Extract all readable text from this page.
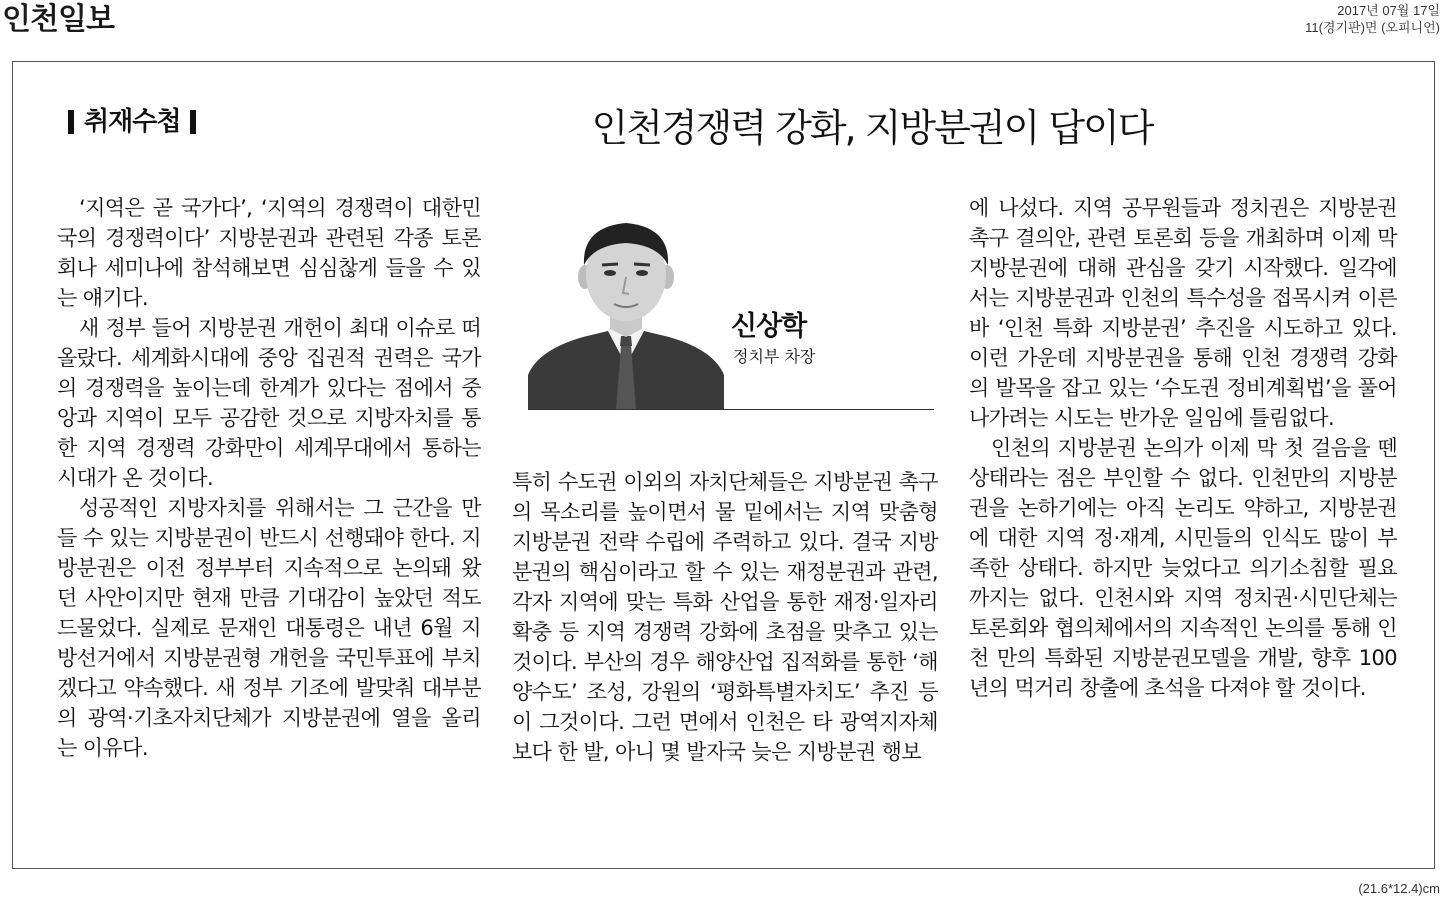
인천일보	2017년 07월 17일
11(경기판)면 (오피니언)
취재수첩	인천경쟁력 강화, 지방분권이 답이다

‘지역은 곧 국가다’, ‘지역의 경쟁력이 대한민국의 경쟁력이다’ 지방분권과 관련된 각종 토론회나 세미나에 참석해보면 심심찮게 들을 수 있는 얘기다.

새 정부 들어 지방분권 개헌이 최대 이슈로 떠올랐다. 세계화시대에 중앙 집권적 권력은 국가의 경쟁력을 높이는데 한계가 있다는 점에서 중앙과 지역이 모두 공감한 것으로 지방자치를 통한 지역 경쟁력 강화만이 세계무대에서 통하는 시대가 온 것이다.

성공적인 지방자치를 위해서는 그 근간을 만들 수 있는 지방분권이 반드시 선행돼야 한다. 지방분권은 이전 정부부터 지속적으로 논의돼 왔던 사안이지만 현재 만큼 기대감이 높았던 적도 드물었다. 실제로 문재인 대통령은 내년 6월 지방선거에서 지방분권형 개헌을 국민투표에 부치겠다고 약속했다. 새 정부 기조에 발맞춰 대부분의 광역·기초자치단체가 지방분권에 열을 올리는 이유다.

신상학
정치부 차장

특히 수도권 이외의 자치단체들은 지방분권 촉구의 목소리를 높이면서 물 밑에서는 지역 맞춤형 지방분권 전략 수립에 주력하고 있다. 결국 지방분권의 핵심이라고 할 수 있는 재정분권과 관련, 각자 지역에 맞는 특화 산업을 통한 재정·일자리 확충 등 지역 경쟁력 강화에 초점을 맞추고 있는 것이다. 부산의 경우 해양산업 집적화를 통한 ‘해양수도’ 조성, 강원의 ‘평화특별자치도’ 추진 등이 그것이다. 그런 면에서 인천은 타 광역지자체보다 한 발, 아니 몇 발자국 늦은 지방분권 행보

에 나섰다. 지역 공무원들과 정치권은 지방분권 촉구 결의안, 관련 토론회 등을 개최하며 이제 막 지방분권에 대해 관심을 갖기 시작했다. 일각에서는 지방분권과 인천의 특수성을 접목시켜 이른바 ‘인천 특화 지방분권’ 추진을 시도하고 있다. 이런 가운데 지방분권을 통해 인천 경쟁력 강화의 발목을 잡고 있는 ‘수도권 정비계획법’을 풀어나가려는 시도는 반가운 일임에 틀림없다.

인천의 지방분권 논의가 이제 막 첫 걸음을 뗀 상태라는 점은 부인할 수 없다. 인천만의 지방분권을 논하기에는 아직 논리도 약하고, 지방분권에 대한 지역 정·재계, 시민들의 인식도 많이 부족한 상태다. 하지만 늦었다고 의기소침할 필요까지는 없다. 인천시와 지역 정치권·시민단체는 토론회와 협의체에서의 지속적인 논의를 통해 인천 만의 특화된 지방분권모델을 개발, 향후 100년의 먹거리 창출에 초석을 다져야 할 것이다.

(21.6*12.4)cm
